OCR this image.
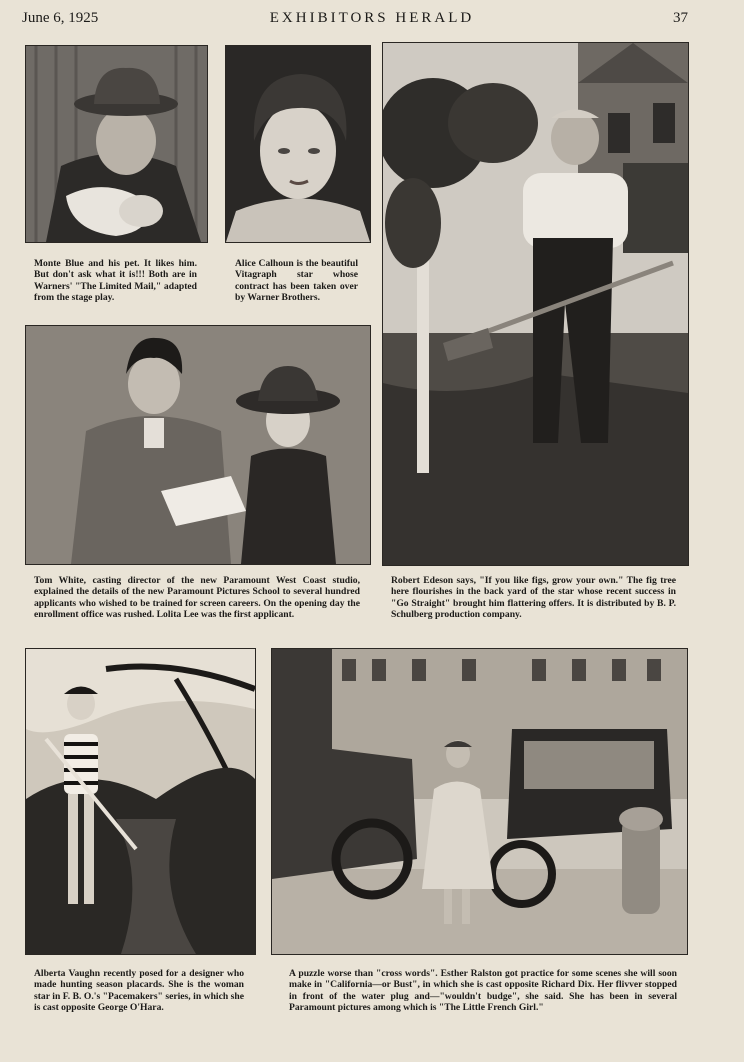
June 6, 1925	EXHIBITORS HERALD	37

Monte Blue and his pet. It likes him. But don't ask what it is!!! Both are in Warners' "The Limited Mail," adapted from the stage play.

Alice Calhoun is the beautiful Vitagraph star whose contract has been taken over by Warner Brothers.

Robert Edeson says, "If you like figs, grow your own." The fig tree here flourishes in the back yard of the star whose recent success in "Go Straight" brought him flattering offers. It is distributed by B. P. Schulberg production company.

Tom White, casting director of the new Paramount West Coast studio, explained the details of the new Paramount Pictures School to several hundred applicants who wished to be trained for screen careers. On the opening day the enrollment office was rushed. Lolita Lee was the first applicant.

Alberta Vaughn recently posed for a designer who made hunting season placards. She is the woman star in F. B. O.'s "Pacemakers" series, in which she is cast opposite George O'Hara.

A puzzle worse than "cross words". Esther Ralston got practice for some scenes she will soon make in "California—or Bust", in which she is cast opposite Richard Dix. Her flivver stopped in front of the water plug and—"wouldn't budge", she said. She has been in several Paramount pictures among which is "The Little French Girl."
